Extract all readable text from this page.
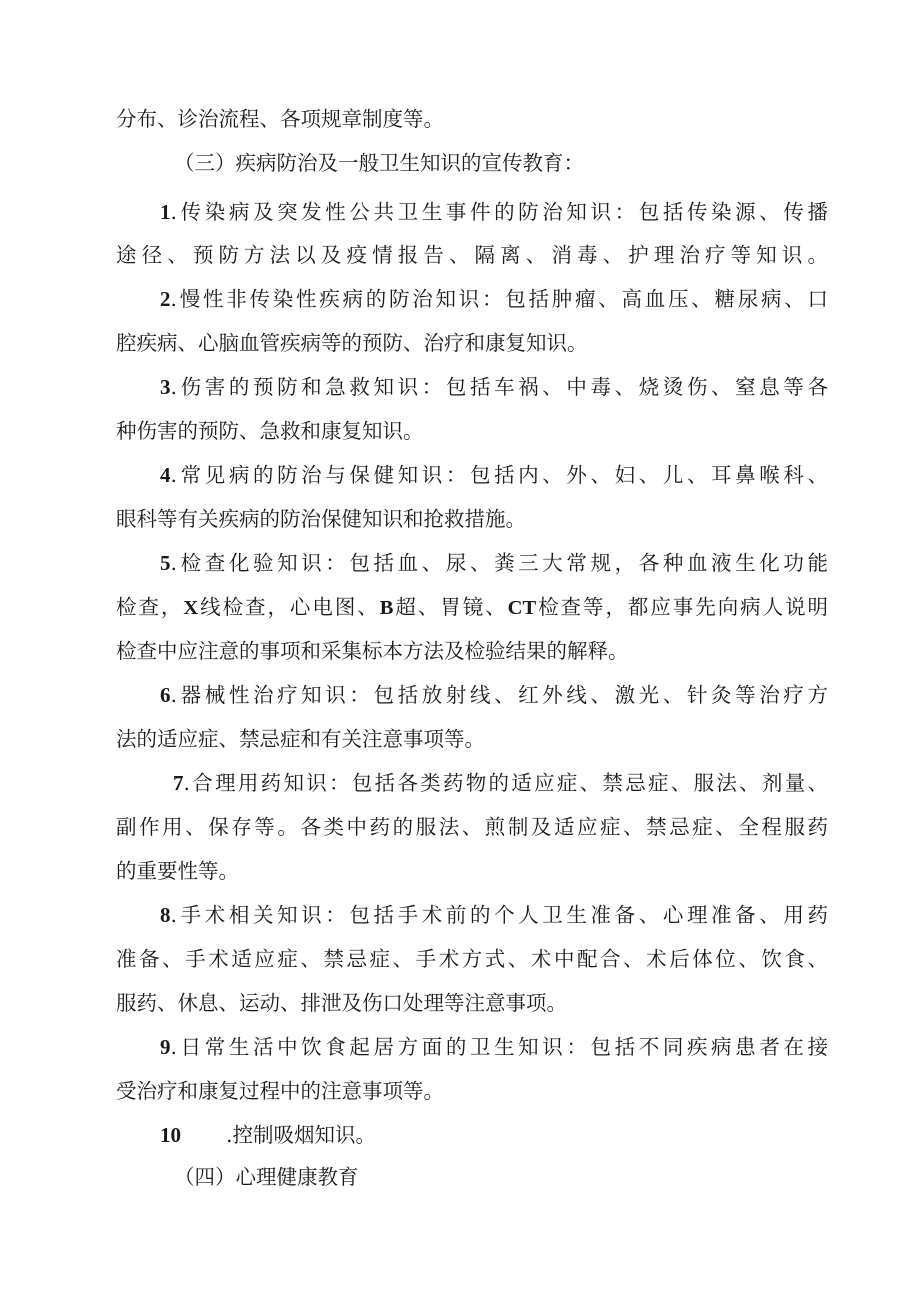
分布、诊治流程、各项规章制度等。
（三）疾病防治及一般卫生知识的宣传教育：
1.传染病及突发性公共卫生事件的防治知识：包括传染源、传播
途径、预防方法以及疫情报告、隔离、消毒、护理治疗等知识。
2.慢性非传染性疾病的防治知识：包括肿瘤、高血压、糖尿病、口
腔疾病、心脑血管疾病等的预防、治疗和康复知识。
3.伤害的预防和急救知识：包括车祸、中毒、烧烫伤、窒息等各
种伤害的预防、急救和康复知识。
4.常见病的防治与保健知识：包括内、外、妇、儿、耳鼻喉科、
眼科等有关疾病的防治保健知识和抢救措施。
5.检查化验知识：包括血、尿、粪三大常规，各种血液生化功能
检查，X线检查，心电图、B超、胃镜、CT检查等，都应事先向病人说明
检查中应注意的事项和采集标本方法及检验结果的解释。
6.器械性治疗知识：包括放射线、红外线、激光、针灸等治疗方
法的适应症、禁忌症和有关注意事项等。
7.合理用药知识：包括各类药物的适应症、禁忌症、服法、剂量、
副作用、保存等。各类中药的服法、煎制及适应症、禁忌症、全程服药
的重要性等。
8.手术相关知识：包括手术前的个人卫生准备、心理准备、用药
准备、手术适应症、禁忌症、手术方式、术中配合、术后体位、饮食、
服药、休息、运动、排泄及伤口处理等注意事项。
9.日常生活中饮食起居方面的卫生知识：包括不同疾病患者在接
受治疗和康复过程中的注意事项等。
10 .控制吸烟知识。
（四）心理健康教育
